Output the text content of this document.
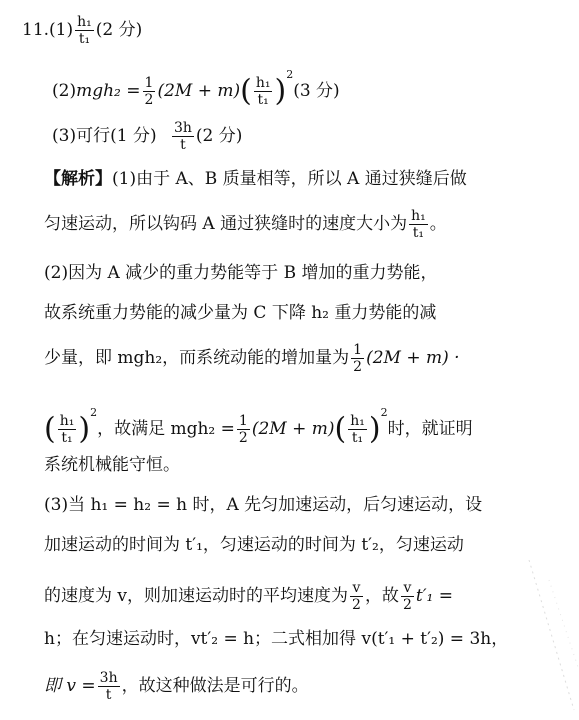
$11.(1) \frac{\text{h₁}}{\text{t₁}} (2$ 分)
$(2)mgh_2 = \frac{1}{2} (2M + m)( \frac{\text{h₁}}{\text{t₁}} )^2(3$ 分)
(3)可行(1 分) $\frac{3h}{t} (2$ 分)
【解析】(1)由于 A、B 质量相等，所以 A 通过狭缝后做
匀速运动，所以钩码 A 通过狭缝时的速度大小为 $\frac{\text{h₁}}{\text{t₁}}$ 。
(2)因为 A 减少的重力势能等于 B 增加的重力势能，
故系统重力势能的减少量为 C 下降 h₂ 重力势能的减
少量，即 mgh₂，而系统动能的增加量为 $\frac{1}{2} (2M + m)$ ·
( $\frac{\text{h₁}}{\text{t₁}} )^2$，故满足 $mgh_2 = \frac{1}{2} (2M + m)( \frac{\text{h₁}}{\text{t₁}} )^2$时，就证明
系统机械能守恒。
(3)当 h₁ = h₂ = h 时，A 先匀加速运动，后匀速运动，设
加速运动的时间为 t′₁，匀速运动的时间为 t′₂，匀速运动
的速度为 v，则加速运动时的平均速度为 $\frac{v}{2}$ ，故 $\frac{v}{2} t'_1$ =
h；在匀速运动时，vt′₂ = h；二式相加得 v(t′₁ + t′₂) = 3h，
即 $v = \frac{3h}{t}$ ，故这种做法是可行的。
